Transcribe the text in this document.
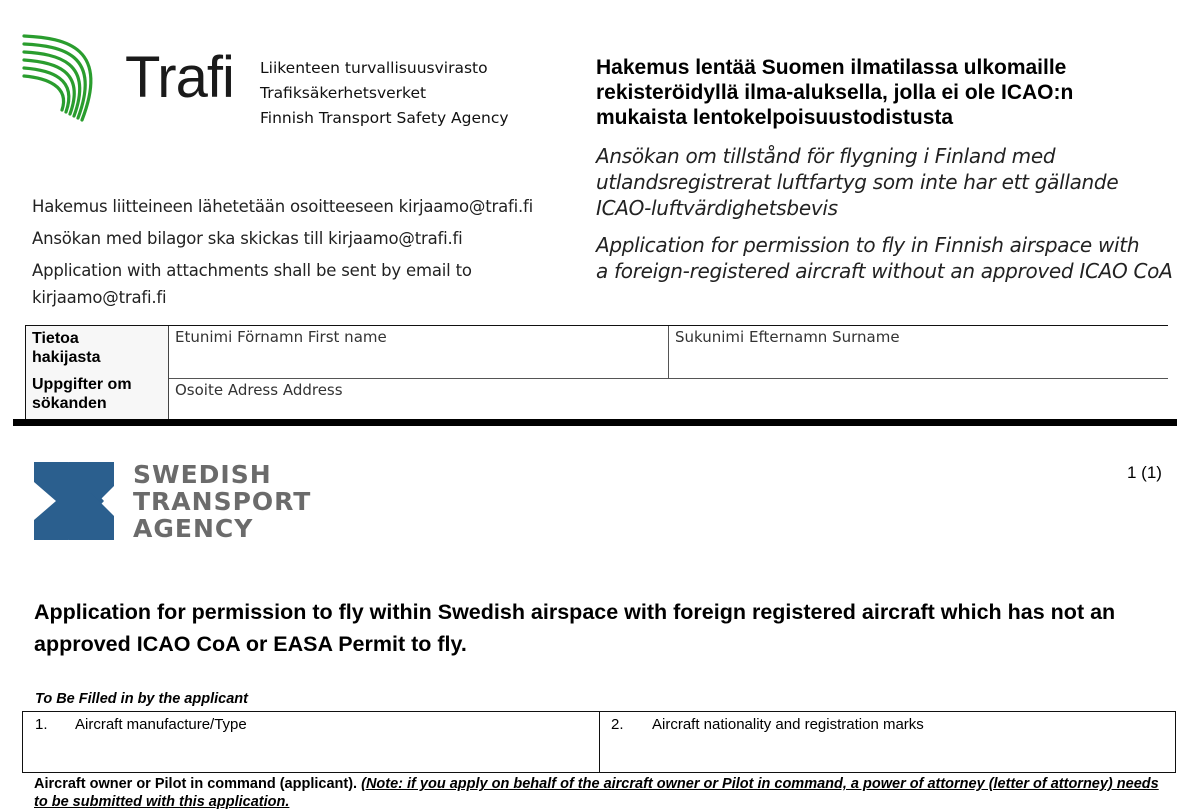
Trafi Liikenteen turvallisuusvirasto
Trafiksäkerhetsverket
Finnish Transport Safety Agency
Hakemus lentää Suomen ilmatilassa ulkomaille
rekisteröidyllä ilma-aluksella, jolla ei ole ICAO:n
mukaista lentokelpoisuustodistusta
Ansökan om tillstånd för flygning i Finland med
utlandsregistrerat luftfartyg som inte har ett gällande
ICAO-luftvärdighetsbevis
Application for permission to fly in Finnish airspace with
a foreign-registered aircraft without an approved ICAO CoA
Hakemus liitteineen lähetetään osoitteeseen kirjaamo@trafi.fi
Ansökan med bilagor ska skickas till kirjaamo@trafi.fi
Application with attachments shall be sent by email to
kirjaamo@trafi.fi
Tietoa
hakijasta
Uppgifter om
sökanden
Etunimi Förnamn First name	Sukunimi Efternamn Surname
Osoite Adress Address
SWEDISH
TRANSPORT
AGENCY
1 (1)
Application for permission to fly within Swedish airspace with foreign registered aircraft which has not an approved ICAO CoA or EASA Permit to fly.
To Be Filled in by the applicant
1. Aircraft manufacture/Type	2. Aircraft nationality and registration marks
Aircraft owner or Pilot in command (applicant). (Note: if you apply on behalf of the aircraft owner or Pilot in command, a power of attorney (letter of attorney) needs to be submitted with this application.
